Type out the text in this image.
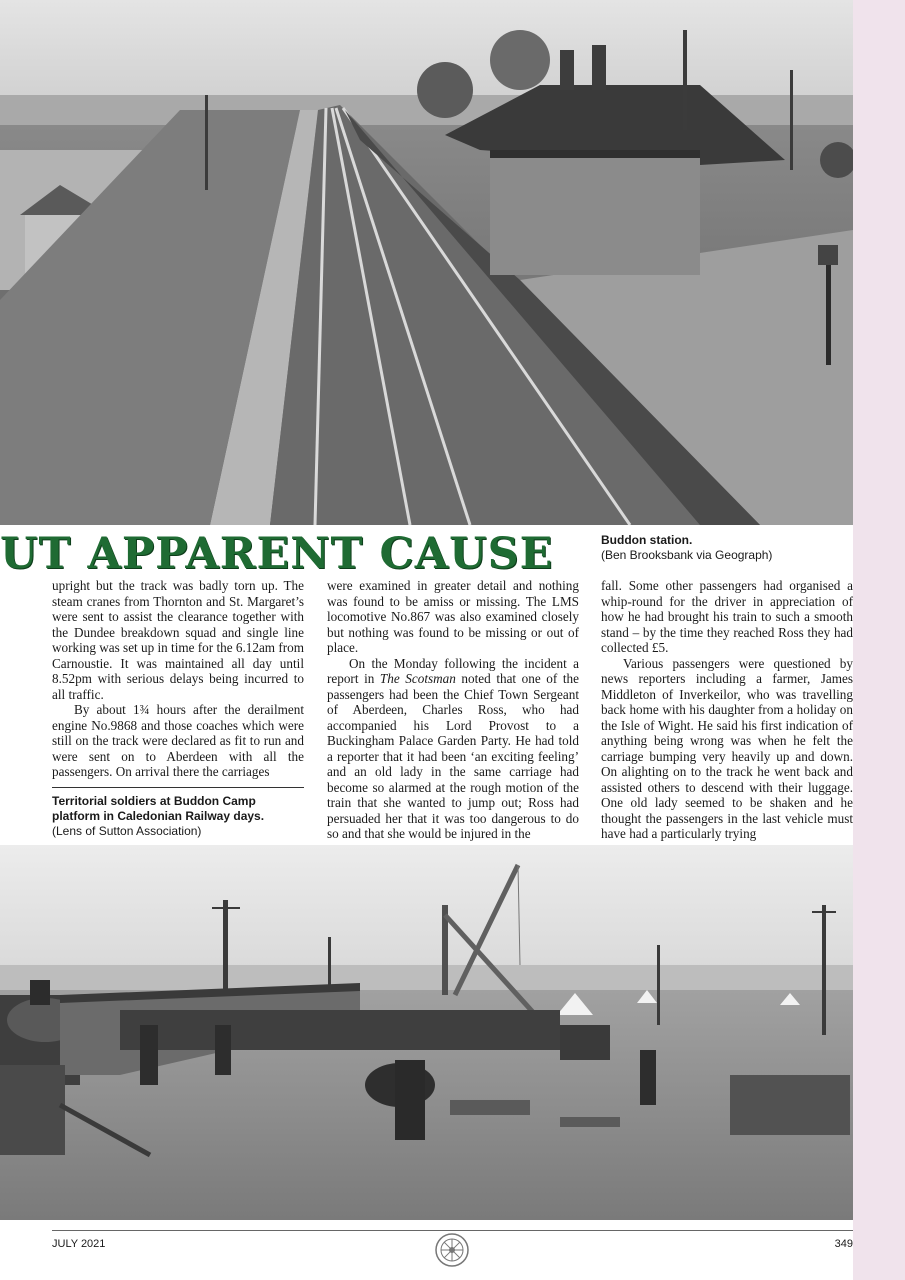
UT APPARENT CAUSE	Buddon station.
(Ben Brooksbank via Geograph)

upright but the track was badly torn up. The steam cranes from Thornton and St. Margaret’s were sent to assist the clearance together with the Dundee breakdown squad and single line working was set up in time for the 6.12am from Carnoustie. It was maintained all day until 8.52pm with serious delays being incurred to all traffic.

By about 1¾ hours after the derailment engine No.9868 and those coaches which were still on the track were declared as fit to run and were sent on to Aberdeen with all the passengers. On arrival there the carriages

Territorial soldiers at Buddon Camp platform in Caledonian Railway days.
(Lens of Sutton Association)

were examined in greater detail and nothing was found to be amiss or missing. The LMS locomotive No.867 was also examined closely but nothing was found to be missing or out of place.

On the Monday following the incident a report in The Scotsman noted that one of the passengers had been the Chief Town Sergeant of Aberdeen, Charles Ross, who had accompanied his Lord Provost to a Buckingham Palace Garden Party. He had told a reporter that it had been ‘an exciting feeling’ and an old lady in the same carriage had become so alarmed at the rough motion of the train that she wanted to jump out; Ross had persuaded her that it was too dangerous to do so and that she would be injured in the

fall. Some other passengers had organised a whip-round for the driver in appreciation of how he had brought his train to such a smooth stand – by the time they reached Ross they had collected £5.

Various passengers were questioned by news reporters including a farmer, James Middleton of Inverkeilor, who was travelling back home with his daughter from a holiday on the Isle of Wight. He said his first indication of anything being wrong was when he felt the carriage bumping very heavily up and down. On alighting on to the track he went back and assisted others to descend with their luggage. One old lady seemed to be shaken and he thought the passengers in the last vehicle must have had a particularly trying

JULY 2021	349
